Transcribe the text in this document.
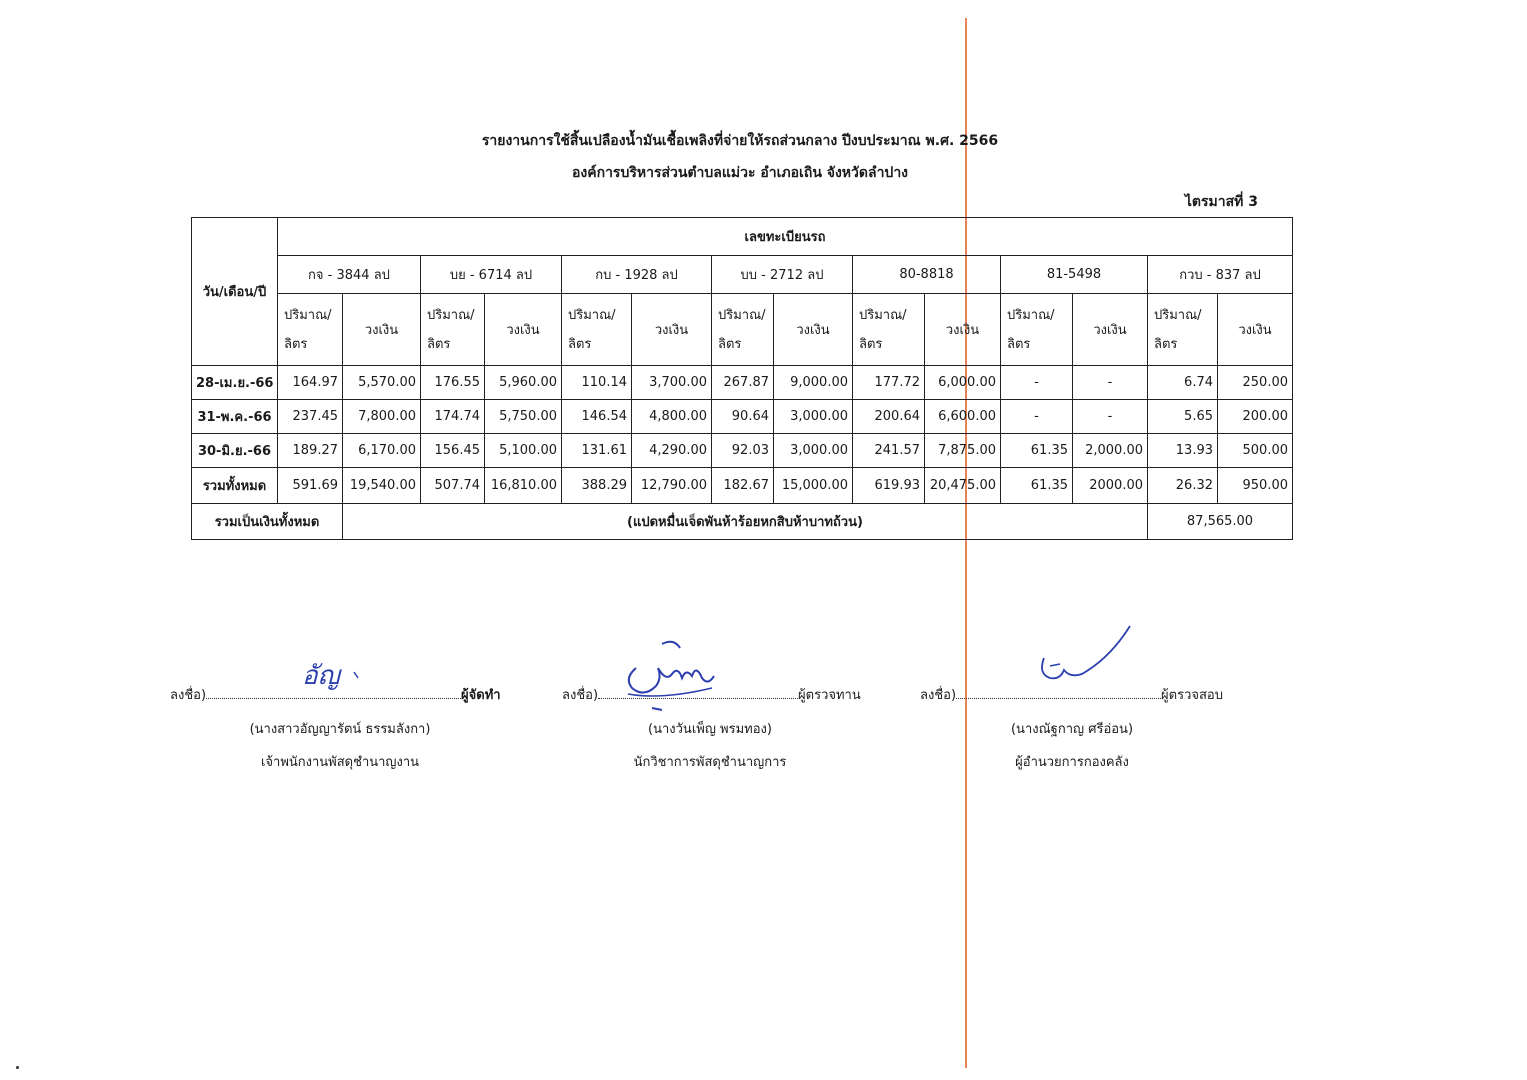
รายงานการใช้สิ้นเปลืองน้ำมันเชื้อเพลิงที่จ่ายให้รถส่วนกลาง ปีงบประมาณ พ.ศ. 2566
องค์การบริหารส่วนตำบลแม่วะ อำเภอเถิน จังหวัดลำปาง
ไตรมาสที่ 3
วัน/เดือน/ปี	เลขทะเบียนรถ													
	กจ - 3844 ลป		บย - 6714 ลป		กบ - 1928 ลป		บบ - 2712 ลป		80-8818		81-5498		กวบ - 837 ลป	
	ปริมาณ/ลิตร	วงเงิน	ปริมาณ/ลิตร	วงเงิน	ปริมาณ/ลิตร	วงเงิน	ปริมาณ/ลิตร	วงเงิน	ปริมาณ/ลิตร	วงเงิน	ปริมาณ/ลิตร	วงเงิน	ปริมาณ/ลิตร	วงเงิน
28-เม.ย.-66	164.97	5,570.00	176.55	5,960.00	110.14	3,700.00	267.87	9,000.00	177.72	6,000.00	-	-	6.74	250.00
31-พ.ค.-66	237.45	7,800.00	174.74	5,750.00	146.54	4,800.00	90.64	3,000.00	200.64	6,600.00	-	-	5.65	200.00
30-มิ.ย.-66	189.27	6,170.00	156.45	5,100.00	131.61	4,290.00	92.03	3,000.00	241.57	7,875.00	61.35	2,000.00	13.93	500.00
รวมทั้งหมด	591.69	19,540.00	507.74	16,810.00	388.29	12,790.00	182.67	15,000.00	619.93	20,475.00	61.35	2000.00	26.32	950.00
รวมเป็นเงินทั้งหมด		(แปดหมื่นเจ็ดพันห้าร้อยหกสิบห้าบาทถ้วน)											87,565.00	
อัญ
ลงชื่อ)	ผู้จัดทำ
(นางสาวอัญญารัตน์ ธรรมลังกา)
เจ้าพนักงานพัสดุชำนาญงาน
ลงชื่อ)	ผู้ตรวจทาน
(นางวันเพ็ญ พรมทอง)
นักวิชาการพัสดุชำนาญการ
ลงชื่อ)	ผู้ตรวจสอบ
(นางณัฐกาญ ศรีอ่อน)
ผู้อำนวยการกองคลัง
